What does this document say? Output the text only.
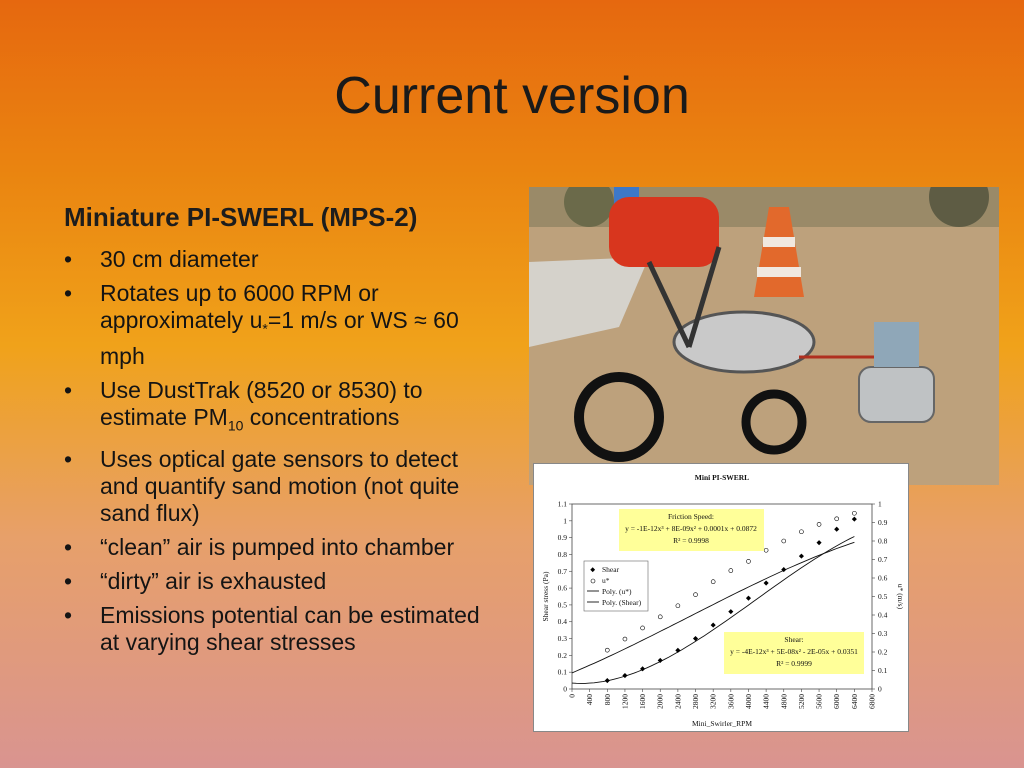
Current version
Miniature PI-SWERL (MPS-2)
• 30 cm diameter
• Rotates up to 6000 RPM or approximately $u_*=1$ m/s or WS ≈ 60 mph
• Use DustTrak (8520 or 8530) to estimate $PM_{10}$ concentrations
• Uses optical gate sensors to detect and quantify sand motion (not quite sand flux)
• “clean” air is pumped into chamber
• “dirty” air is exhausted
• Emissions potential can be estimated at varying shear stresses
Mini PI-SWERL
0
0.1
0.2
0.3
0.4
0.5
0.6
0.7
0.8
0.9
1
1.1
0
0.1
0.2
0.3
0.4
0.5
0.6
0.7
0.8
0.9
1
0 400 800 1200 1600 2000 2400 2800 3200 3600 4000 4400 4800 5200 5600 6000 6400 6800
Mini_Swirler_RPM
Shear stress (Pa)	u* (m/s)
Friction Speed:
y = -1E-12x³ + 8E-09x² + 0.0001x + 0.0872
R² = 0.9998
Shear:
y = -4E-12x³ + 5E-08x² - 2E-05x + 0.0351
R² = 0.9999
Shear
u*
Poly. (u*)
Poly. (Shear)
